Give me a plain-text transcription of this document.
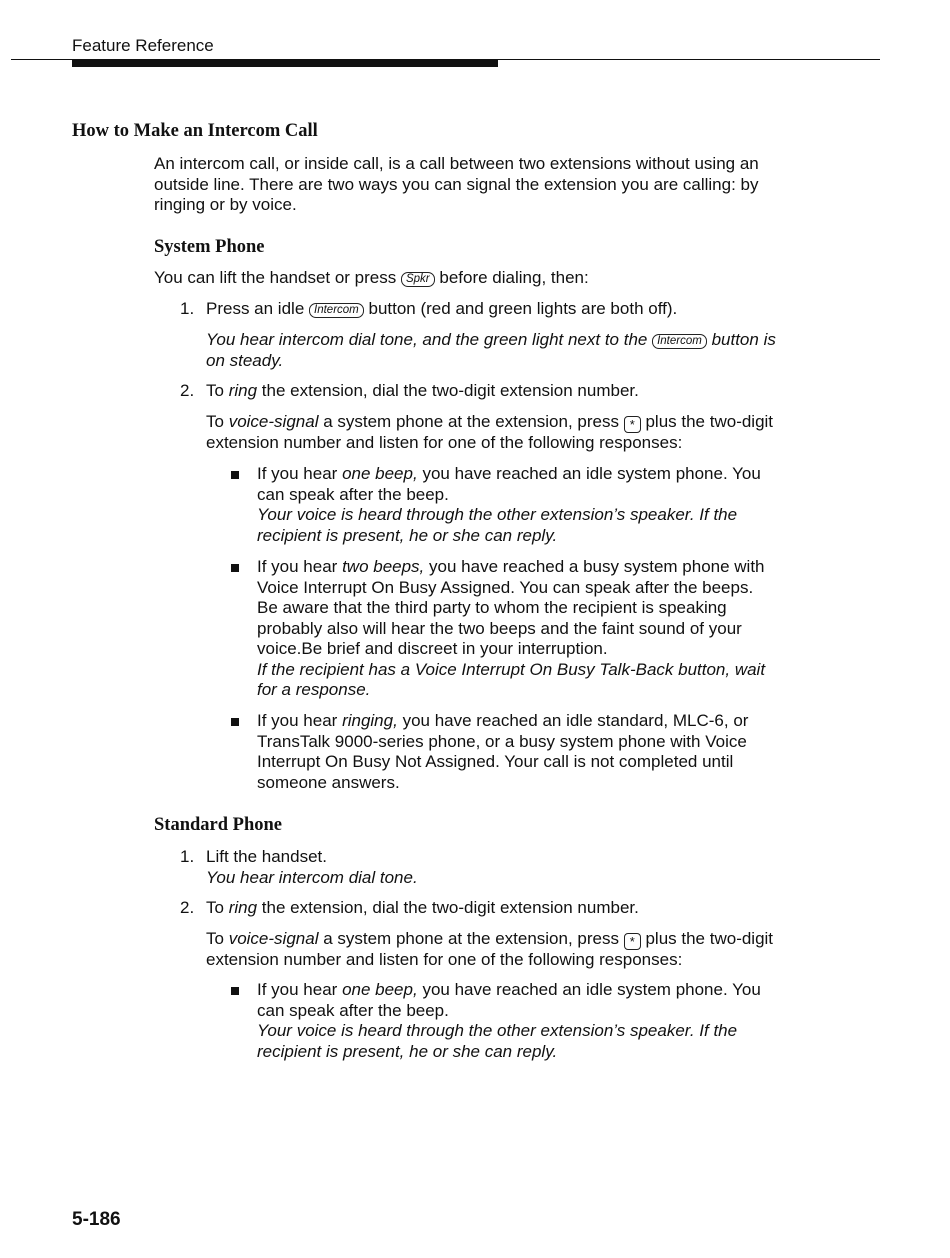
Feature Reference
How to Make an Intercom Call
An intercom call, or inside call, is a call between two extensions without using an outside line. There are two ways you can signal the extension you are calling: by ringing or by voice.
System Phone
You can lift the handset or press Spkr before dialing, then:
1. Press an idle Intercom button (red and green lights are both off).
You hear intercom dial tone, and the green light next to the Intercom button is on steady.
2. To ring the extension, dial the two-digit extension number.
To voice-signal a system phone at the extension, press * plus the two-digit extension number and listen for one of the following responses:
If you hear one beep, you have reached an idle system phone. You can speak after the beep.
Your voice is heard through the other extension’s speaker. If the recipient is present, he or she can reply.
If you hear two beeps, you have reached a busy system phone with Voice Interrupt On Busy Assigned. You can speak after the beeps. Be aware that the third party to whom the recipient is speaking probably also will hear the two beeps and the faint sound of your voice.Be brief and discreet in your interruption.
If the recipient has a Voice Interrupt On Busy Talk-Back button, wait for a response.
If you hear ringing, you have reached an idle standard, MLC-6, or TransTalk 9000-series phone, or a busy system phone with Voice Interrupt On Busy Not Assigned. Your call is not completed until someone answers.
Standard Phone
1. Lift the handset.
You hear intercom dial tone.
2. To ring the extension, dial the two-digit extension number.
To voice-signal a system phone at the extension, press * plus the two-digit extension number and listen for one of the following responses:
If you hear one beep, you have reached an idle system phone. You can speak after the beep.
Your voice is heard through the other extension’s speaker. If the recipient is present, he or she can reply.
5-186
